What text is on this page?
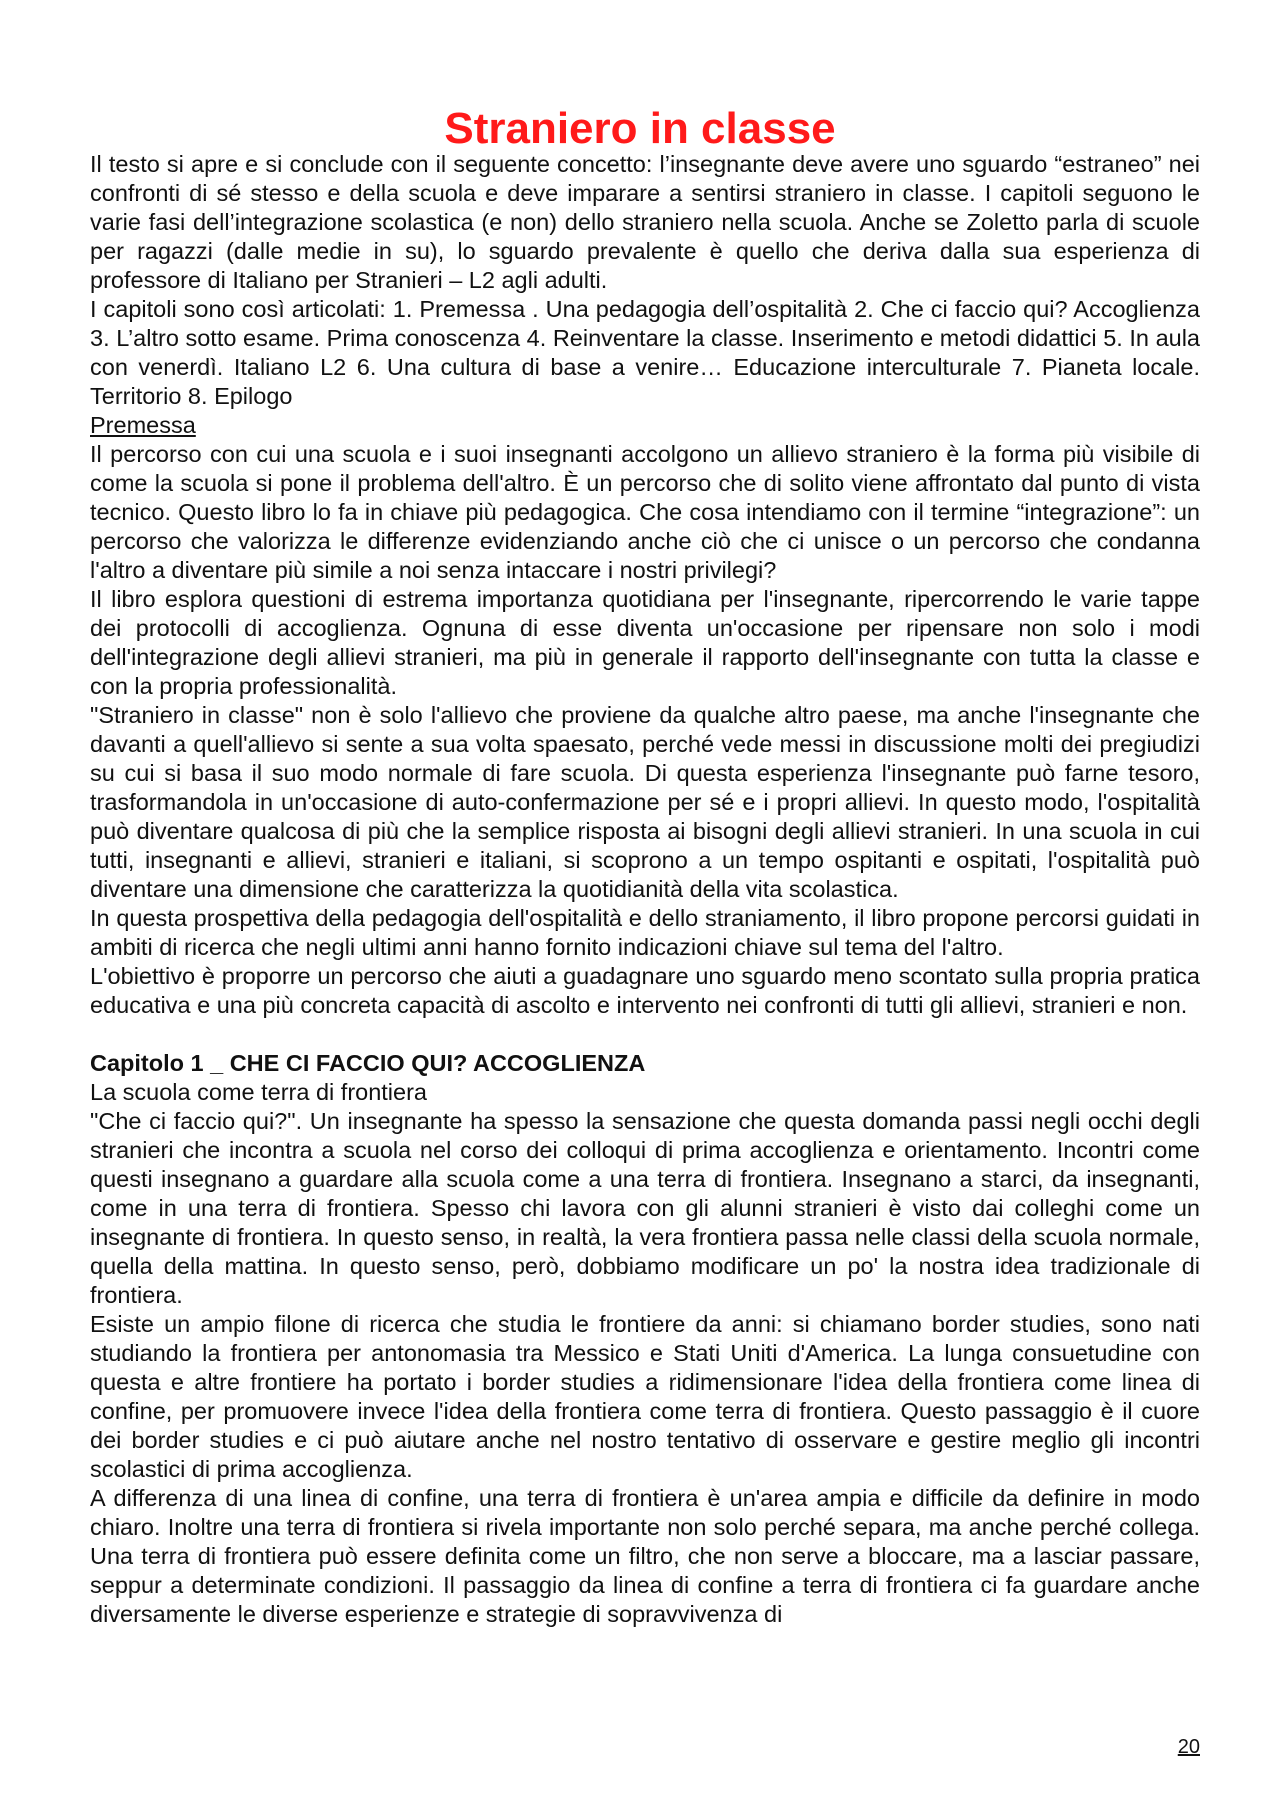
Straniero in classe

Il testo si apre e si conclude con il seguente concetto: l’insegnante deve avere uno sguardo “estraneo” nei confronti di sé stesso e della scuola e deve imparare a sentirsi straniero in classe. I capitoli seguono le varie fasi dell’integrazione scolastica (e non) dello straniero nella scuola. Anche se Zoletto parla di scuole per ragazzi (dalle medie in su), lo sguardo prevalente è quello che deriva dalla sua esperienza di professore di Italiano per Stranieri – L2 agli adulti.

I capitoli sono così articolati: 1. Premessa . Una pedagogia dell’ospitalità 2. Che ci faccio qui? Accoglienza 3. L’altro sotto esame. Prima conoscenza 4. Reinventare la classe. Inserimento e metodi didattici 5. In aula con venerdì. Italiano L2 6. Una cultura di base a venire… Educazione interculturale 7. Pianeta locale. Territorio 8. Epilogo

Premessa

Il percorso con cui una scuola e i suoi insegnanti accolgono un allievo straniero è la forma più visibile di come la scuola si pone il problema dell'altro. È un percorso che di solito viene affrontato dal punto di vista tecnico. Questo libro lo fa in chiave più pedagogica. Che cosa intendiamo con il termine “integrazione”: un percorso che valorizza le differenze evidenziando anche ciò che ci unisce o un percorso che condanna l'altro a diventare più simile a noi senza intaccare i nostri privilegi?

Il libro esplora questioni di estrema importanza quotidiana per l'insegnante, ripercorrendo le varie tappe dei protocolli di accoglienza. Ognuna di esse diventa un'occasione per ripensare non solo i modi dell'integrazione degli allievi stranieri, ma più in generale il rapporto dell'insegnante con tutta la classe e con la propria professionalità.

"Straniero in classe" non è solo l'allievo che proviene da qualche altro paese, ma anche l'insegnante che davanti a quell'allievo si sente a sua volta spaesato, perché vede messi in discussione molti dei pregiudizi su cui si basa il suo modo normale di fare scuola. Di questa esperienza l'insegnante può farne tesoro, trasformandola in un'occasione di auto-confermazione per sé e i propri allievi. In questo modo, l'ospitalità può diventare qualcosa di più che la semplice risposta ai bisogni degli allievi stranieri. In una scuola in cui tutti, insegnanti e allievi, stranieri e italiani, si scoprono a un tempo ospitanti e ospitati, l'ospitalità può diventare una dimensione che caratterizza la quotidianità della vita scolastica.

In questa prospettiva della pedagogia dell'ospitalità e dello straniamento, il libro propone percorsi guidati in ambiti di ricerca che negli ultimi anni hanno fornito indicazioni chiave sul tema del l'altro.

L'obiettivo è proporre un percorso che aiuti a guadagnare uno sguardo meno scontato sulla propria pratica educativa e una più concreta capacità di ascolto e intervento nei confronti di tutti gli allievi, stranieri e non.

Capitolo 1 _ CHE CI FACCIO QUI? ACCOGLIENZA

La scuola come terra di frontiera

"Che ci faccio qui?". Un insegnante ha spesso la sensazione che questa domanda passi negli occhi degli stranieri che incontra a scuola nel corso dei colloqui di prima accoglienza e orientamento. Incontri come questi insegnano a guardare alla scuola come a una terra di frontiera. Insegnano a starci, da insegnanti, come in una terra di frontiera. Spesso chi lavora con gli alunni stranieri è visto dai colleghi come un insegnante di frontiera. In questo senso, in realtà, la vera frontiera passa nelle classi della scuola normale, quella della mattina. In questo senso, però, dobbiamo modificare un po' la nostra idea tradizionale di frontiera.

Esiste un ampio filone di ricerca che studia le frontiere da anni: si chiamano border studies, sono nati studiando la frontiera per antonomasia tra Messico e Stati Uniti d'America. La lunga consuetudine con questa e altre frontiere ha portato i border studies a ridimensionare l'idea della frontiera come linea di confine, per promuovere invece l'idea della frontiera come terra di frontiera. Questo passaggio è il cuore dei border studies e ci può aiutare anche nel nostro tentativo di osservare e gestire meglio gli incontri scolastici di prima accoglienza.

A differenza di una linea di confine, una terra di frontiera è un'area ampia e difficile da definire in modo chiaro. Inoltre una terra di frontiera si rivela importante non solo perché separa, ma anche perché collega. Una terra di frontiera può essere definita come un filtro, che non serve a bloccare, ma a lasciar passare, seppur a determinate condizioni. Il passaggio da linea di confine a terra di frontiera ci fa guardare anche diversamente le diverse esperienze e strategie di sopravvivenza di

20
